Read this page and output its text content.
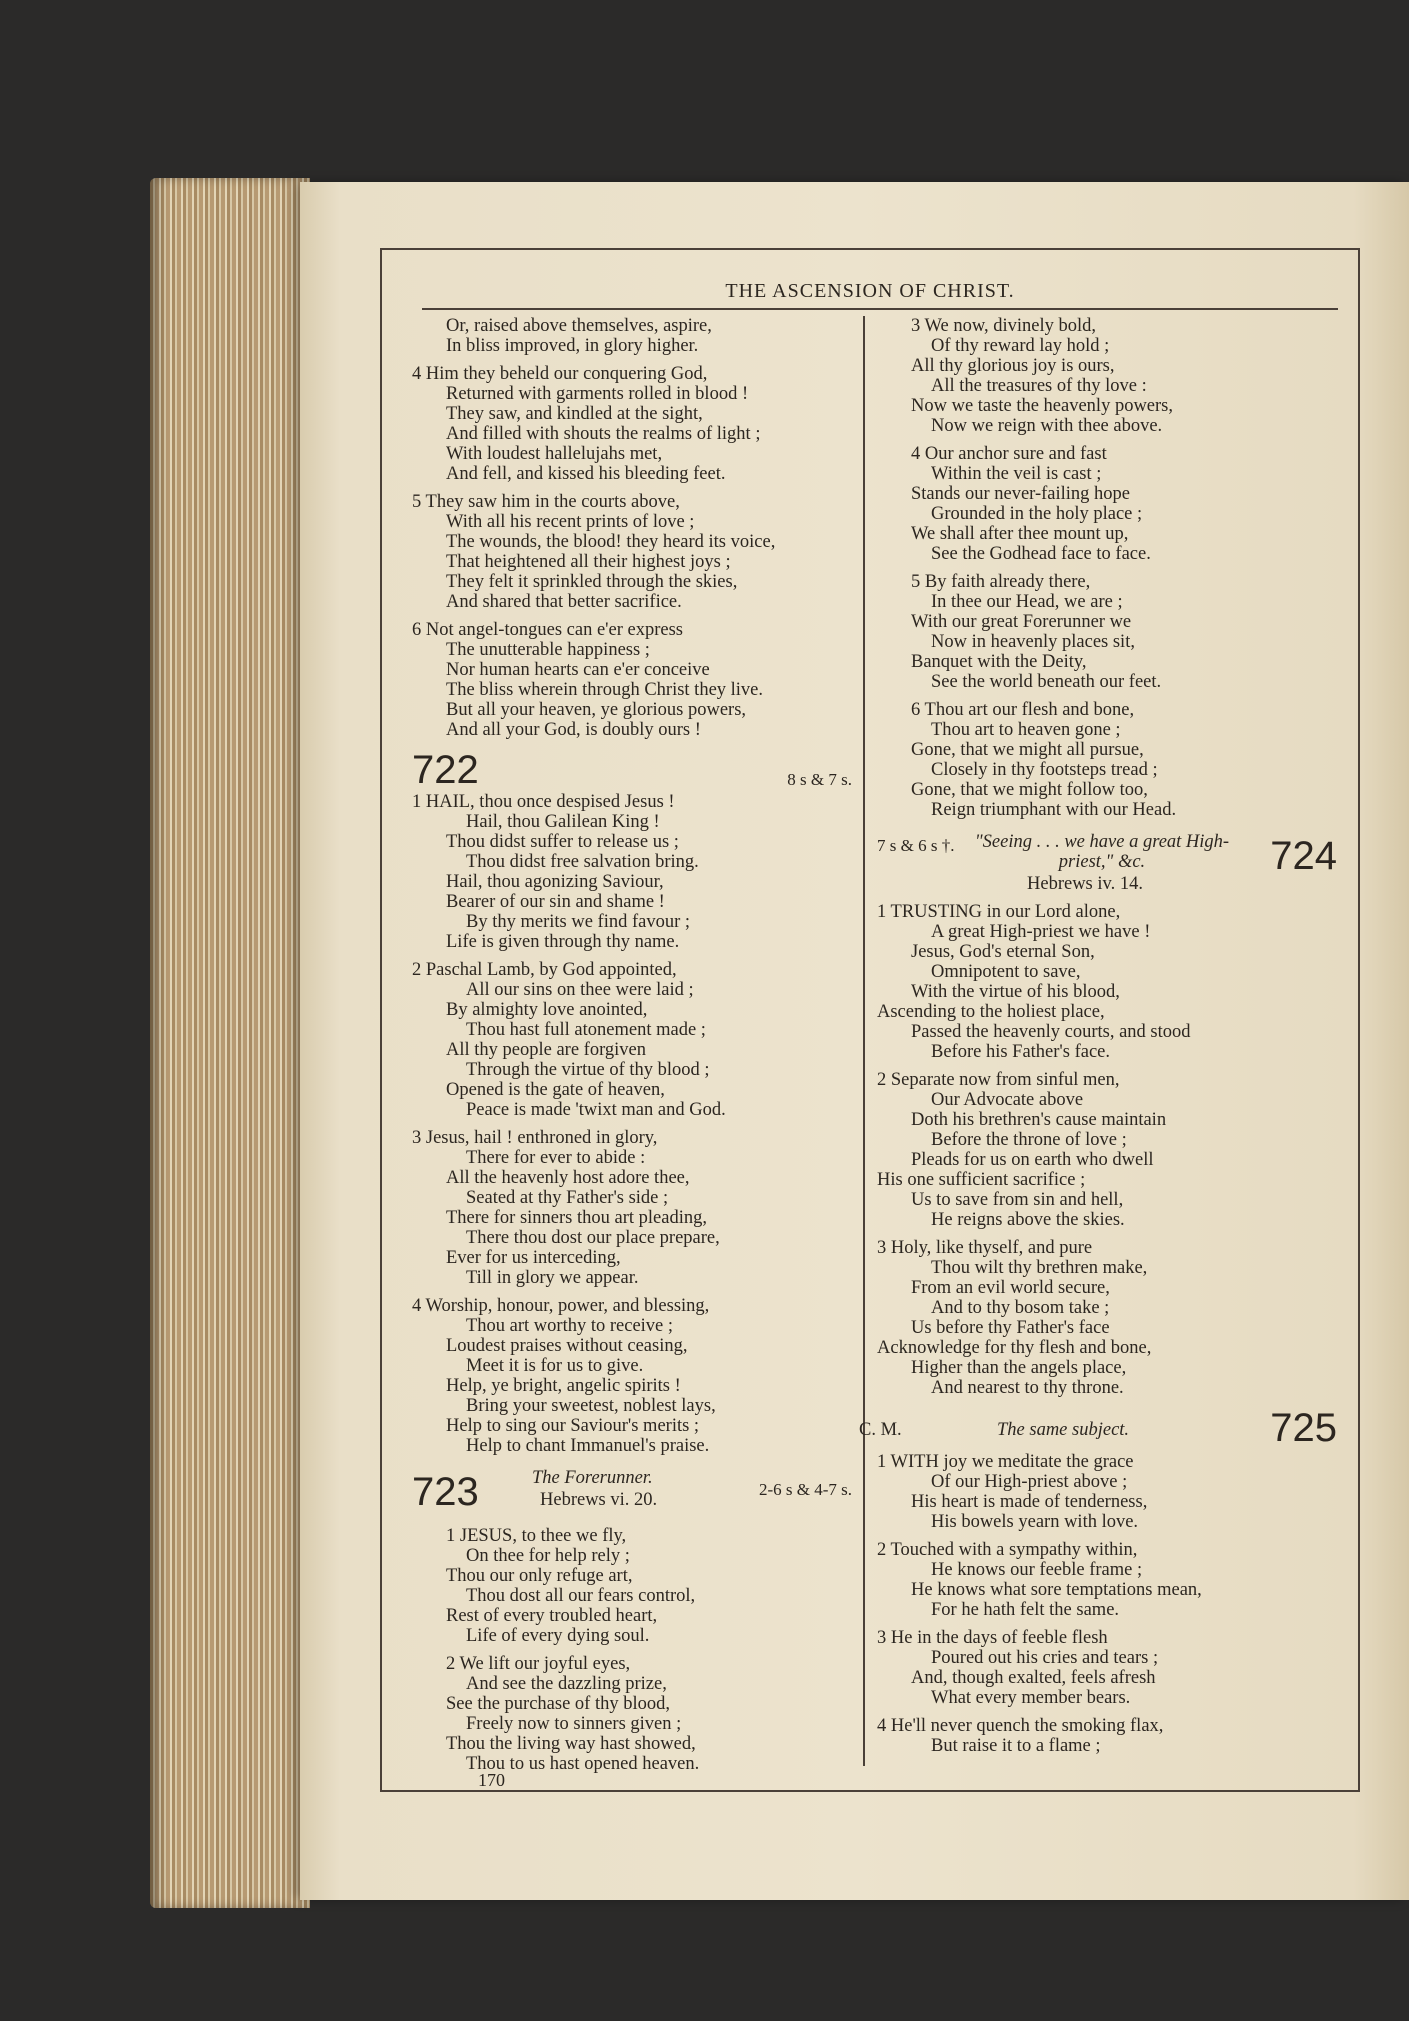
THE ASCENSION OF CHRIST.
Or, raised above themselves, aspire,
In bliss improved, in glory higher.
4 Him they beheld our conquering God,
Returned with garments rolled in blood !
They saw, and kindled at the sight,
And filled with shouts the realms of light ;
With loudest hallelujahs met,
And fell, and kissed his bleeding feet.
5 They saw him in the courts above,
With all his recent prints of love ;
The wounds, the blood! they heard its voice,
That heightened all their highest joys ;
They felt it sprinkled through the skies,
And shared that better sacrifice.
6 Not angel-tongues can e'er express
The unutterable happiness ;
Nor human hearts can e'er conceive
The bliss wherein through Christ they live.
But all your heaven, ye glorious powers,
And all your God, is doubly ours !
722	8 s & 7 s.
1 HAIL, thou once despised Jesus !
Hail, thou Galilean King !
Thou didst suffer to release us ;
Thou didst free salvation bring.
Hail, thou agonizing Saviour,
Bearer of our sin and shame !
By thy merits we find favour ;
Life is given through thy name.
2 Paschal Lamb, by God appointed,
All our sins on thee were laid ;
By almighty love anointed,
Thou hast full atonement made ;
All thy people are forgiven
Through the virtue of thy blood ;
Opened is the gate of heaven,
Peace is made 'twixt man and God.
3 Jesus, hail ! enthroned in glory,
There for ever to abide :
All the heavenly host adore thee,
Seated at thy Father's side ;
There for sinners thou art pleading,
There thou dost our place prepare,
Ever for us interceding,
Till in glory we appear.
4 Worship, honour, power, and blessing,
Thou art worthy to receive ;
Loudest praises without ceasing,
Meet it is for us to give.
Help, ye bright, angelic spirits !
Bring your sweetest, noblest lays,
Help to sing our Saviour's merits ;
Help to chant Immanuel's praise.
723	The Forerunner.
Hebrews vi. 20.
2-6 s & 4-7 s.
1 JESUS, to thee we fly,
On thee for help rely ;
Thou our only refuge art,
Thou dost all our fears control,
Rest of every troubled heart,
Life of every dying soul.
2 We lift our joyful eyes,
And see the dazzling prize,
See the purchase of thy blood,
Freely now to sinners given ;
Thou the living way hast showed,
Thou to us hast opened heaven.
3 We now, divinely bold,
Of thy reward lay hold ;
All thy glorious joy is ours,
All the treasures of thy love :
Now we taste the heavenly powers,
Now we reign with thee above.
4 Our anchor sure and fast
Within the veil is cast ;
Stands our never-failing hope
Grounded in the holy place ;
We shall after thee mount up,
See the Godhead face to face.
5 By faith already there,
In thee our Head, we are ;
With our great Forerunner we
Now in heavenly places sit,
Banquet with the Deity,
See the world beneath our feet.
6 Thou art our flesh and bone,
Thou art to heaven gone ;
Gone, that we might all pursue,
Closely in thy footsteps tread ;
Gone, that we might follow too,
Reign triumphant with our Head.
7 s & 6 s †. "Seeing . . . we have a great High-priest," &c.
Hebrews iv. 14.
724
1 TRUSTING in our Lord alone,
A great High-priest we have !
Jesus, God's eternal Son,
Omnipotent to save,
With the virtue of his blood,
Ascending to the holiest place,
Passed the heavenly courts, and stood
Before his Father's face.
2 Separate now from sinful men,
Our Advocate above
Doth his brethren's cause maintain
Before the throne of love ;
Pleads for us on earth who dwell
His one sufficient sacrifice ;
Us to save from sin and hell,
He reigns above the skies.
3 Holy, like thyself, and pure
Thou wilt thy brethren make,
From an evil world secure,
And to thy bosom take ;
Us before thy Father's face
Acknowledge for thy flesh and bone,
Higher than the angels place,
And nearest to thy throne.
C. M.	The same subject.	725
1 WITH joy we meditate the grace
Of our High-priest above ;
His heart is made of tenderness,
His bowels yearn with love.
2 Touched with a sympathy within,
He knows our feeble frame ;
He knows what sore temptations mean,
For he hath felt the same.
3 He in the days of feeble flesh
Poured out his cries and tears ;
And, though exalted, feels afresh
What every member bears.
4 He'll never quench the smoking flax,
But raise it to a flame ;
170
